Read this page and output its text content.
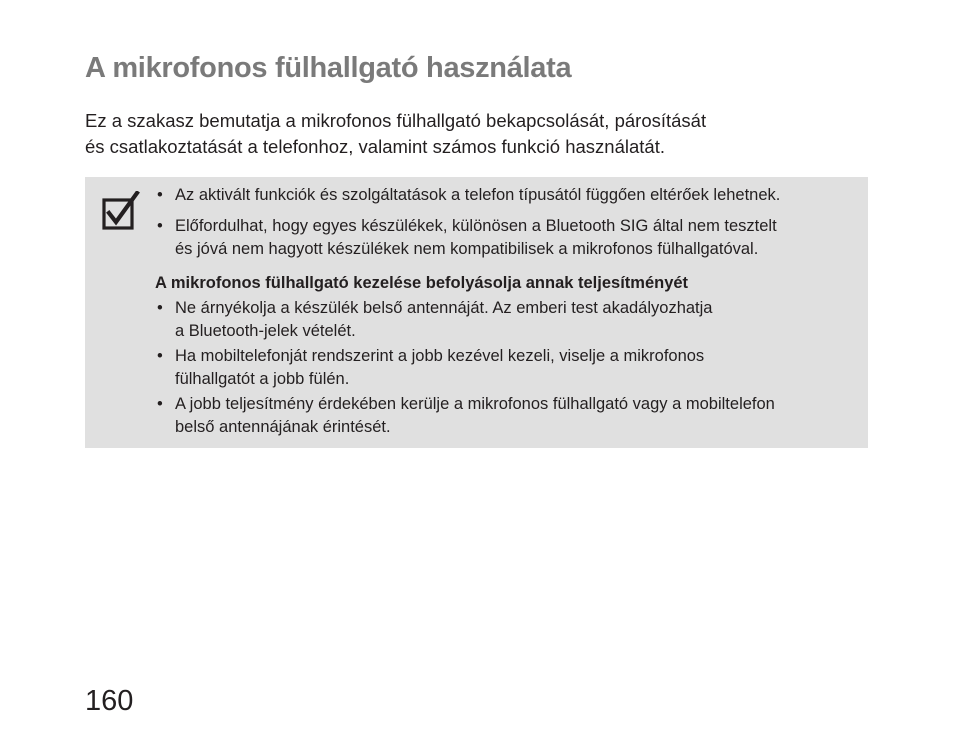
A mikrofonos fülhallgató használata

Ez a szakasz bemutatja a mikrofonos fülhallgató bekapcsolását, párosítását
és csatlakoztatását a telefonhoz, valamint számos funkció használatát.

• Az aktivált funkciók és szolgáltatások a telefon típusától függően eltérőek lehetnek.
• Előfordulhat, hogy egyes készülékek, különösen a Bluetooth SIG által nem tesztelt
és jóvá nem hagyott készülékek nem kompatibilisek a mikrofonos fülhallgatóval.

A mikrofonos fülhallgató kezelése befolyásolja annak teljesítményét

• Ne árnyékolja a készülék belső antennáját. Az emberi test akadályozhatja
a Bluetooth-jelek vételét.
• Ha mobiltelefonját rendszerint a jobb kezével kezeli, viselje a mikrofonos
fülhallgatót a jobb fülén.
• A jobb teljesítmény érdekében kerülje a mikrofonos fülhallgató vagy a mobiltelefon
belső antennájának érintését.

160
